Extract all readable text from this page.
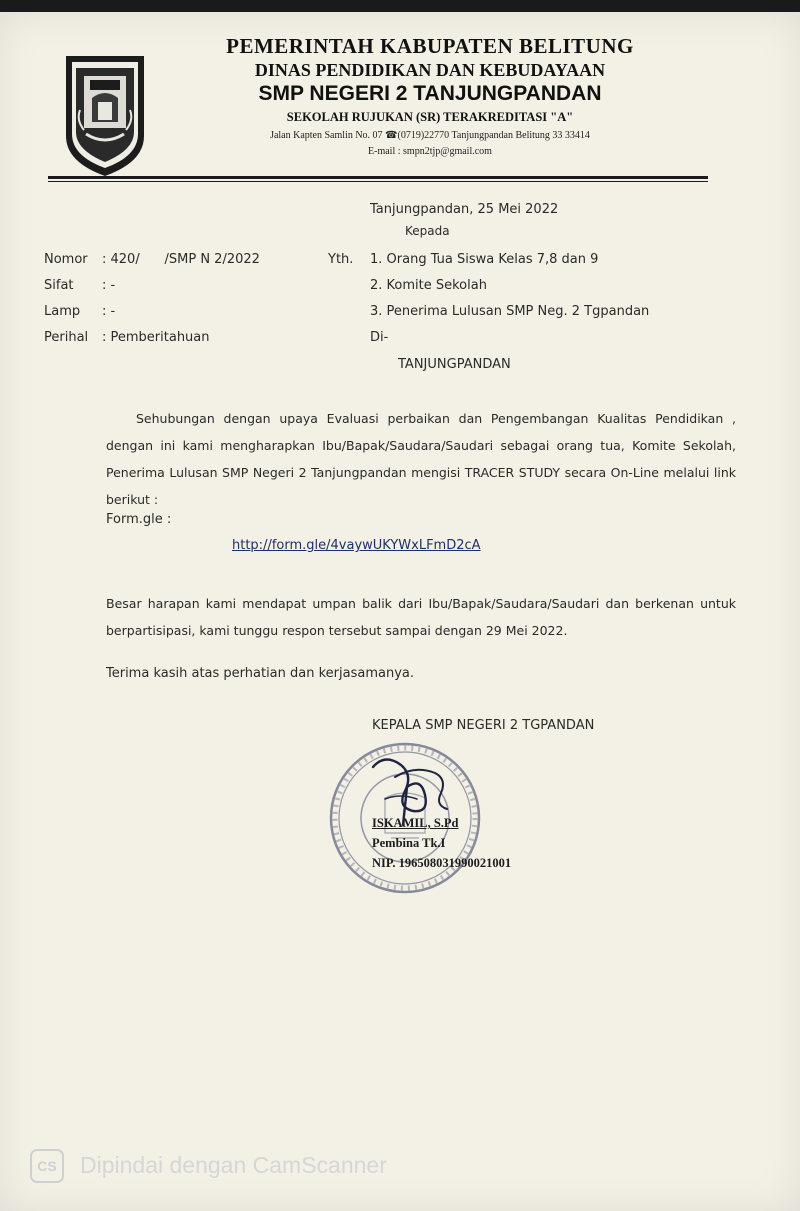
PEMERINTAH KABUPATEN BELITUNG
DINAS PENDIDIKAN DAN KEBUDAYAAN
SMP NEGERI 2 TANJUNGPANDAN
SEKOLAH RUJUKAN (SR) TERAKREDITASI "A"
Jalan Kapten Samlin No. 07 ☎(0719)22770 Tanjungpandan Belitung 33 33414
E-mail : smpn2tjp@gmail.com
Tanjungpandan, 25 Mei 2022
Kepada
Nomor : 420/      /SMP N 2/2022
Sifat : -
Lamp : -
Perihal : Pemberitahuan
Yth. 1. Orang Tua Siswa Kelas 7,8 dan 9
2. Komite Sekolah
3. Penerima Lulusan SMP Neg. 2 Tgpandan
Di-
TANJUNGPANDAN
Sehubungan dengan upaya Evaluasi perbaikan dan Pengembangan Kualitas Pendidikan , dengan ini kami mengharapkan Ibu/Bapak/Saudara/Saudari sebagai orang tua, Komite Sekolah, Penerima Lulusan SMP Negeri 2 Tanjungpandan mengisi TRACER STUDY secara On-Line melalui link berikut :
Form.gle :
http://form.gle/4vaywUKYWxLFmD2cA
Besar harapan kami mendapat umpan balik dari Ibu/Bapak/Saudara/Saudari dan berkenan untuk berpartisipasi, kami tunggu respon tersebut sampai dengan 29 Mei 2022.
Terima kasih atas perhatian dan kerjasamanya.
KEPALA SMP NEGERI 2 TGPANDAN
ISKAMIL, S.Pd
Pembina Tk.I
NIP. 196508031990021001
CS	Dipindai dengan CamScanner
